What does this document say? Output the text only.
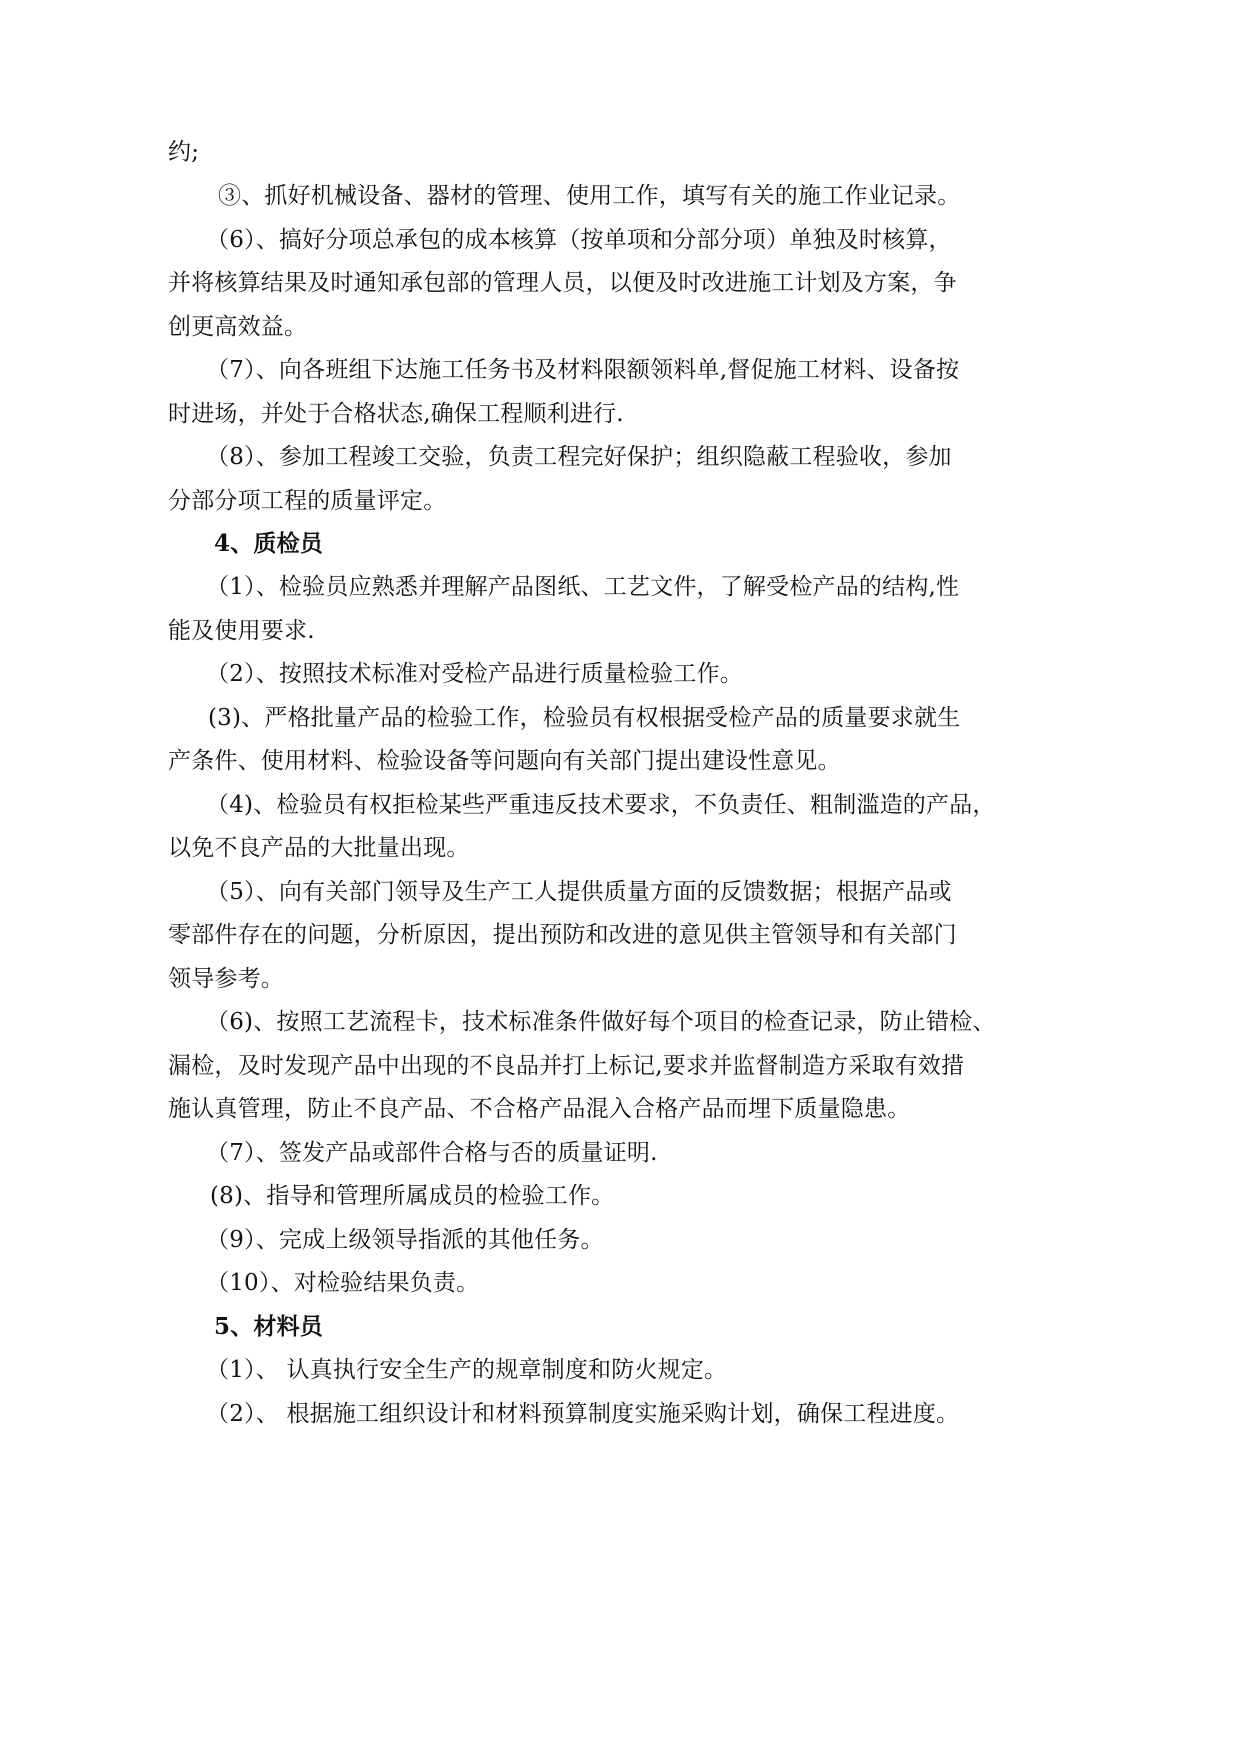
约;
③、抓好机械设备、器材的管理、使用工作，填写有关的施工作业记录。
（6）、搞好分项总承包的成本核算（按单项和分部分项）单独及时核算，
并将核算结果及时通知承包部的管理人员，以便及时改进施工计划及方案，争
创更高效益。
（7）、向各班组下达施工任务书及材料限额领料单,督促施工材料、设备按
时进场，并处于合格状态,确保工程顺利进行.
（8）、参加工程竣工交验，负责工程完好保护；组织隐蔽工程验收，参加
分部分项工程的质量评定。
4、质检员
（1）、检验员应熟悉并理解产品图纸、工艺文件，了解受检产品的结构,性
能及使用要求.
（2）、按照技术标准对受检产品进行质量检验工作。
(3)、严格批量产品的检验工作，检验员有权根据受检产品的质量要求就生
产条件、使用材料、检验设备等问题向有关部门提出建设性意见。
（4)、检验员有权拒检某些严重违反技术要求，不负责任、粗制滥造的产品，
以免不良产品的大批量出现。
（5）、向有关部门领导及生产工人提供质量方面的反馈数据；根据产品或
零部件存在的问题，分析原因，提出预防和改进的意见供主管领导和有关部门
领导参考。
（6)、按照工艺流程卡，技术标准条件做好每个项目的检查记录，防止错检、
漏检，及时发现产品中出现的不良品并打上标记,要求并监督制造方采取有效措
施认真管理，防止不良产品、不合格产品混入合格产品而埋下质量隐患。
（7）、签发产品或部件合格与否的质量证明.
(8)、指导和管理所属成员的检验工作。
（9）、完成上级领导指派的其他任务。
（10）、对检验结果负责。
5、材料员
（1）、 认真执行安全生产的规章制度和防火规定。
（2）、 根据施工组织设计和材料预算制度实施采购计划，确保工程进度。
